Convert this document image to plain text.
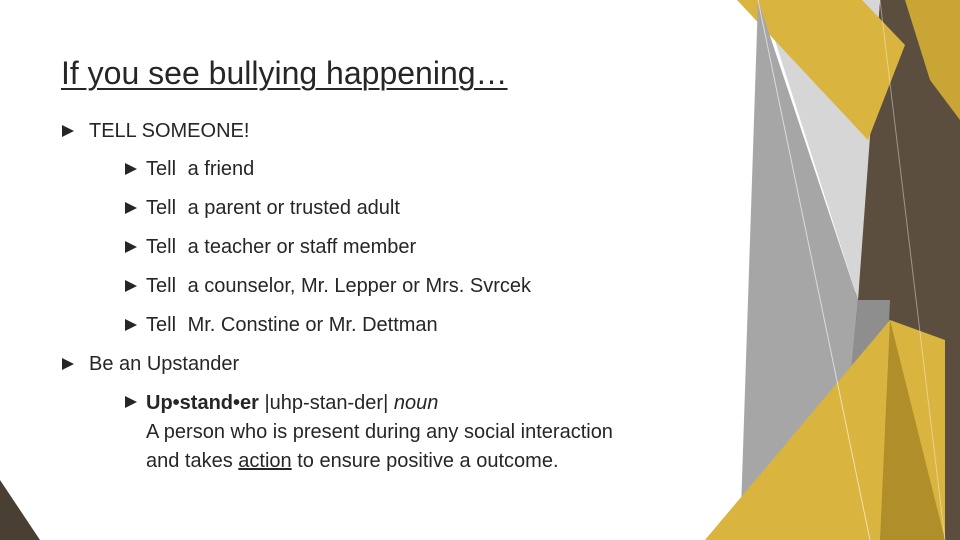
If you see bullying happening…
TELL SOMEONE!
Tell a friend
Tell a parent or trusted adult
Tell a teacher or staff member
Tell a counselor, Mr. Lepper or Mrs. Svrcek
Tell Mr. Constine or Mr. Dettman
Be an Upstander
Up•stand•er |uhp-stan-der| noun
A person who is present during any social interaction
and takes action to ensure positive a outcome.
